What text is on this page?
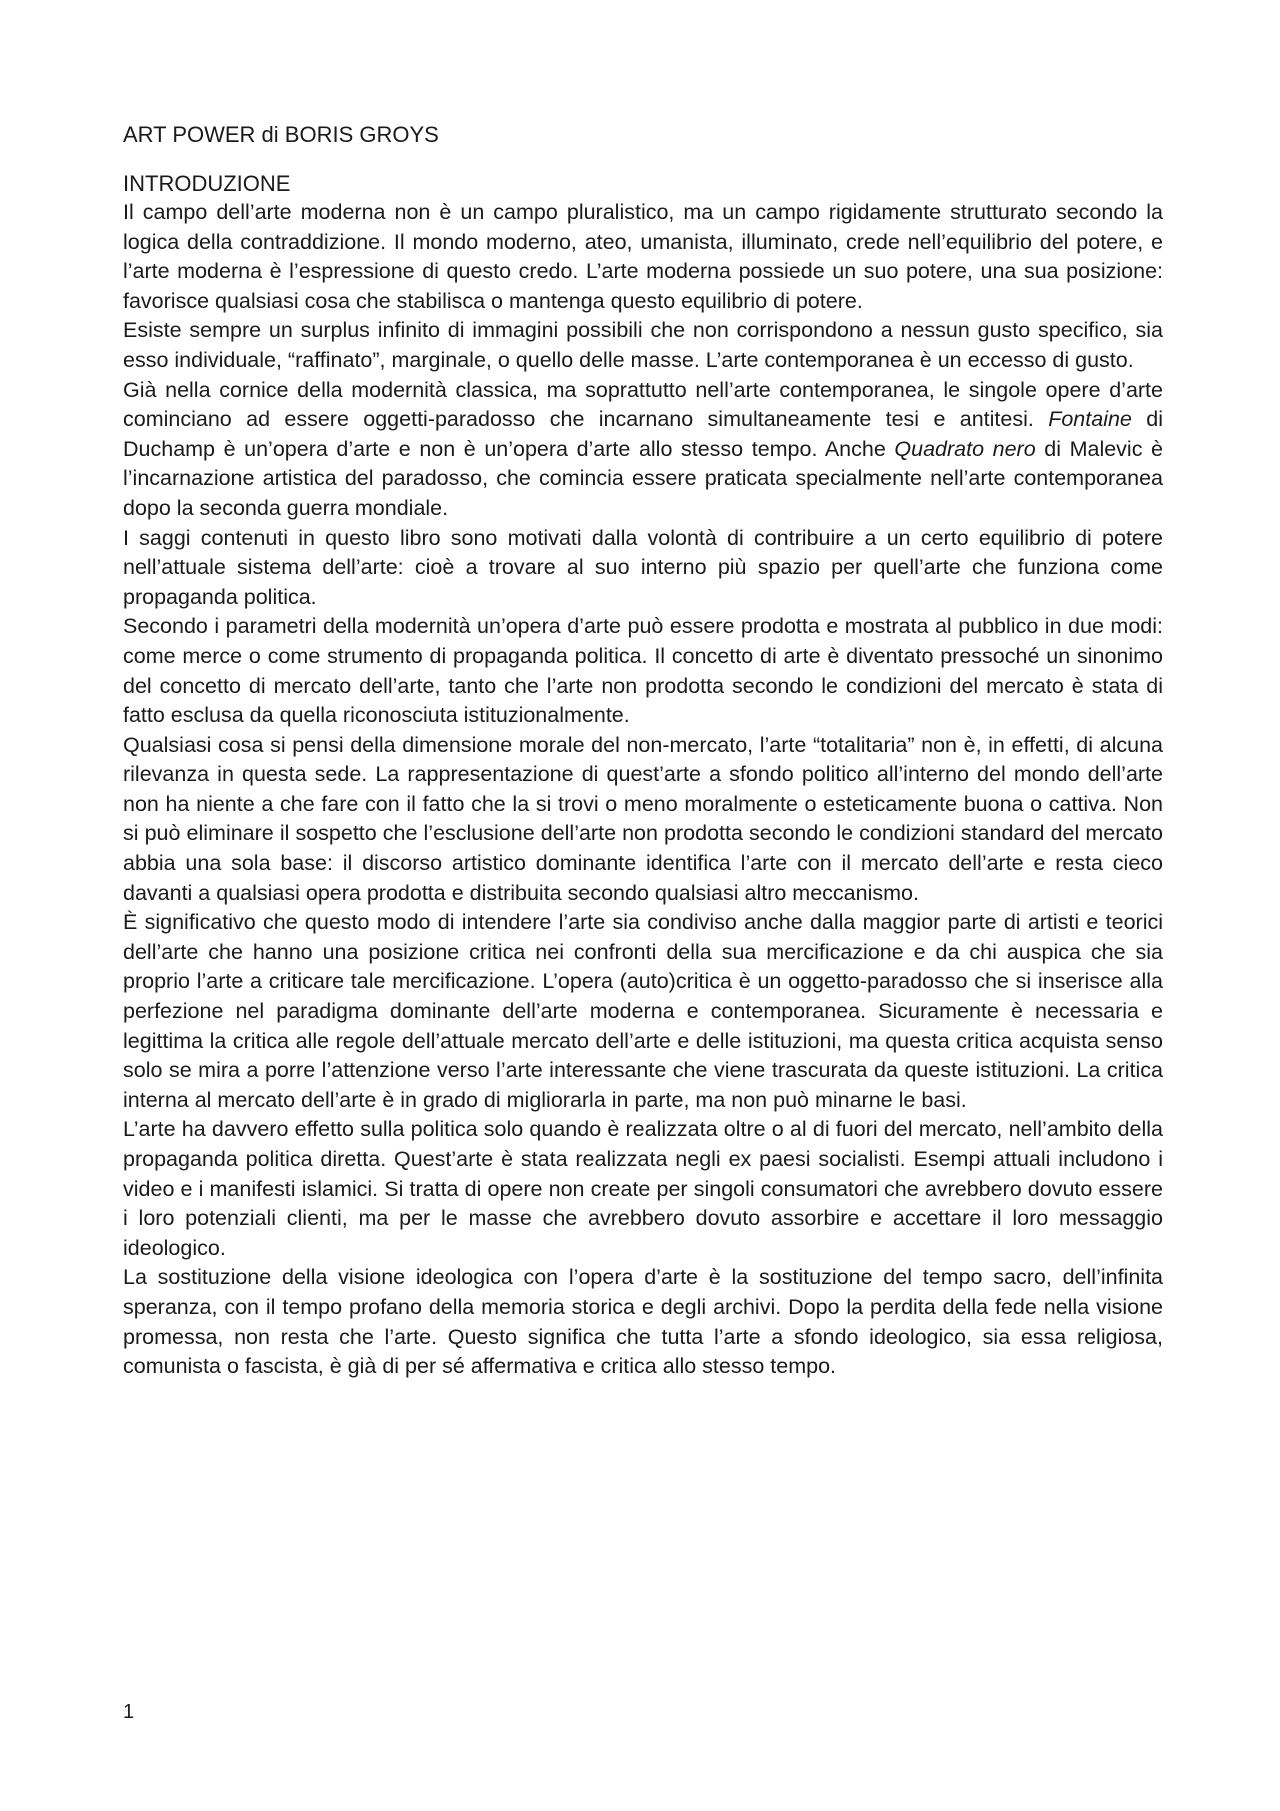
ART POWER di BORIS GROYS
INTRODUZIONE

Il campo dell’arte moderna non è un campo pluralistico, ma un campo rigidamente strutturato secondo la logica della contraddizione. Il mondo moderno, ateo, umanista, illuminato, crede nell’equilibrio del potere, e l’arte moderna è l’espressione di questo credo. L’arte moderna possiede un suo potere, una sua posizione: favorisce qualsiasi cosa che stabilisca o mantenga questo equilibrio di potere.

Esiste sempre un surplus infinito di immagini possibili che non corrispondono a nessun gusto specifico, sia esso individuale, “raffinato”, marginale, o quello delle masse. L’arte contemporanea è un eccesso di gusto.

Già nella cornice della modernità classica, ma soprattutto nell’arte contemporanea, le singole opere d’arte cominciano ad essere oggetti-paradosso che incarnano simultaneamente tesi e antitesi. Fontaine di Duchamp è un’opera d’arte e non è un’opera d’arte allo stesso tempo. Anche Quadrato nero di Malevic è l’incarnazione artistica del paradosso, che comincia essere praticata specialmente nell’arte contemporanea dopo la seconda guerra mondiale.

I saggi contenuti in questo libro sono motivati dalla volontà di contribuire a un certo equilibrio di potere nell’attuale sistema dell’arte: cioè a trovare al suo interno più spazio per quell’arte che funziona come propaganda politica.

Secondo i parametri della modernità un’opera d’arte può essere prodotta e mostrata al pubblico in due modi: come merce o come strumento di propaganda politica. Il concetto di arte è diventato pressoché un sinonimo del concetto di mercato dell’arte, tanto che l’arte non prodotta secondo le condizioni del mercato è stata di fatto esclusa da quella riconosciuta istituzionalmente.

Qualsiasi cosa si pensi della dimensione morale del non-mercato, l’arte “totalitaria” non è, in effetti, di alcuna rilevanza in questa sede. La rappresentazione di quest’arte a sfondo politico all’interno del mondo dell’arte non ha niente a che fare con il fatto che la si trovi o meno moralmente o esteticamente buona o cattiva. Non si può eliminare il sospetto che l’esclusione dell’arte non prodotta secondo le condizioni standard del mercato abbia una sola base: il discorso artistico dominante identifica l’arte con il mercato dell’arte e resta cieco davanti a qualsiasi opera prodotta e distribuita secondo qualsiasi altro meccanismo.

È significativo che questo modo di intendere l’arte sia condiviso anche dalla maggior parte di artisti e teorici dell’arte che hanno una posizione critica nei confronti della sua mercificazione e da chi auspica che sia proprio l’arte a criticare tale mercificazione. L’opera (auto)critica è un oggetto-paradosso che si inserisce alla perfezione nel paradigma dominante dell’arte moderna e contemporanea. Sicuramente è necessaria e legittima la critica alle regole dell’attuale mercato dell’arte e delle istituzioni, ma questa critica acquista senso solo se mira a porre l’attenzione verso l’arte interessante che viene trascurata da queste istituzioni. La critica interna al mercato dell’arte è in grado di migliorarla in parte, ma non può minarne le basi.

L’arte ha davvero effetto sulla politica solo quando è realizzata oltre o al di fuori del mercato, nell’ambito della propaganda politica diretta. Quest’arte è stata realizzata negli ex paesi socialisti. Esempi attuali includono i video e i manifesti islamici. Si tratta di opere non create per singoli consumatori che avrebbero dovuto essere i loro potenziali clienti, ma per le masse che avrebbero dovuto assorbire e accettare il loro messaggio ideologico.

La sostituzione della visione ideologica con l’opera d’arte è la sostituzione del tempo sacro, dell’infinita speranza, con il tempo profano della memoria storica e degli archivi. Dopo la perdita della fede nella visione promessa, non resta che l’arte. Questo significa che tutta l’arte a sfondo ideologico, sia essa religiosa, comunista o fascista, è già di per sé affermativa e critica allo stesso tempo.

1
